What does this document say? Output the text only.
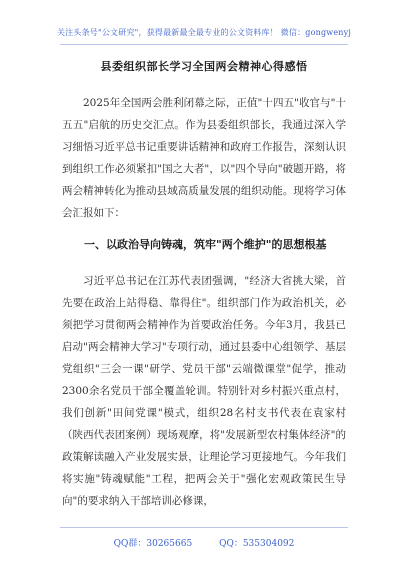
关注头条号"公文研究"，获得最新最全最专业的公文资料库！ 微信：gongwenyj
县委组织部长学习全国两会精神心得感悟

2025年全国两会胜利闭幕之际，正值"十四五"收官与"十五五"启航的历史交汇点。作为县委组织部长，我通过深入学习细悟习近平总书记重要讲话精神和政府工作报告，深刻认识到组织工作必须紧扣"国之大者"，以"四个导向"破题开路，将两会精神转化为推动县域高质量发展的组织动能。现将学习体会汇报如下：

一、以政治导向铸魂，筑牢"两个维护"的思想根基

习近平总书记在江苏代表团强调，"经济大省挑大梁，首先要在政治上站得稳、靠得住"。组织部门作为政治机关，必须把学习贯彻两会精神作为首要政治任务。今年3月，我县已启动"两会精神大学习"专项行动，通过县委中心组领学、基层党组织"三会一课"研学、党员干部"云端微课堂"促学，推动2300余名党员干部全覆盖轮训。特别针对乡村振兴重点村，我们创新"田间党课"模式，组织28名村支书代表在袁家村（陕西代表团案例）现场观摩，将"发展新型农村集体经济"的政策解读融入产业发展实景，让理论学习更接地气。今年我们将实施"铸魂赋能"工程，把两会关于"强化宏观政策民生导向"的要求纳入干部培训必修课，

QQ群：30265665	QQ：535304092
